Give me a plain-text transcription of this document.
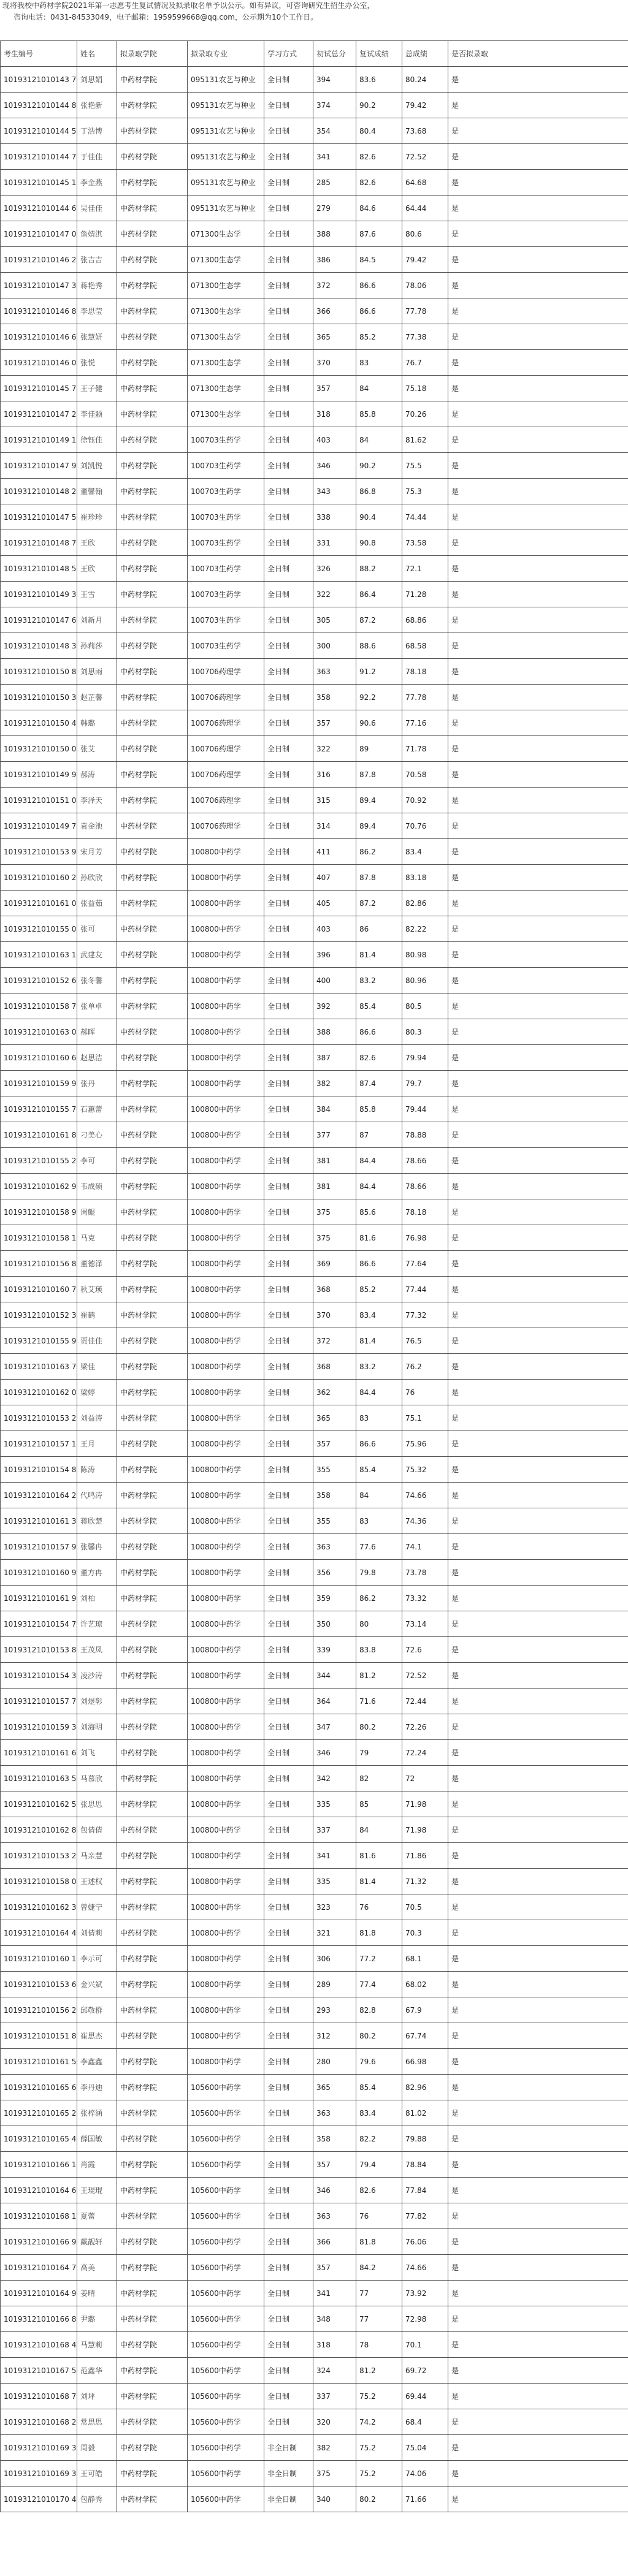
现将我校中药材学院2021年第一志愿考生复试情况及拟录取名单予以公示。如有异议，可咨询研究生招生办公室，
咨询电话：0431-84533049，电子邮箱：1959599668@qq.com，公示期为10个工作日。
考生编号	姓名	拟录取学院	拟录取专业	学习方式	初试总分	复试成绩	总成绩	是否拟录取
10193121010143 7	刘思娟	中药材学院	095131农艺与种业	全日制	394	83.6	80.24	是
10193121010144 8	张艳新	中药材学院	095131农艺与种业	全日制	374	90.2	79.42	是
10193121010144 5	丁浩博	中药材学院	095131农艺与种业	全日制	354	80.4	73.68	是
10193121010144 7	于佳佳	中药材学院	095131农艺与种业	全日制	341	82.6	72.52	是
10193121010145 1	李金燕	中药材学院	095131农艺与种业	全日制	285	82.6	64.68	是
10193121010144 6	吴佳佳	中药材学院	095131农艺与种业	全日制	279	84.6	64.44	是
10193121010147 0	詹婧淇	中药材学院	071300生态学	全日制	388	87.6	80.6	是
10193121010146 2	张吉吉	中药材学院	071300生态学	全日制	386	84.5	79.42	是
10193121010147 3	蒋艳秀	中药材学院	071300生态学	全日制	372	86.6	78.06	是
10193121010146 8	李思莹	中药材学院	071300生态学	全日制	366	86.6	77.78	是
10193121010146 6	张慧妍	中药材学院	071300生态学	全日制	365	85.2	77.38	是
10193121010146 0	张悦	中药材学院	071300生态学	全日制	370	83	76.7	是
10193121010145 7	王子健	中药材学院	071300生态学	全日制	357	84	75.18	是
10193121010147 2	李佳颖	中药材学院	071300生态学	全日制	318	85.8	70.26	是
10193121010149 1	徐钰佳	中药材学院	100703生药学	全日制	403	84	81.62	是
10193121010147 9	刘凯悦	中药材学院	100703生药学	全日制	346	90.2	75.5	是
10193121010148 2	董馨翰	中药材学院	100703生药学	全日制	343	86.8	75.3	是
10193121010147 5	崔珍珍	中药材学院	100703生药学	全日制	338	90.4	74.44	是
10193121010148 7	王欣	中药材学院	100703生药学	全日制	331	90.8	73.58	是
10193121010148 5	王欣	中药材学院	100703生药学	全日制	326	88.2	72.1	是
10193121010149 3	王雪	中药材学院	100703生药学	全日制	322	86.4	71.28	是
10193121010147 6	刘新月	中药材学院	100703生药学	全日制	305	87.2	68.86	是
10193121010148 3	孙莉莎	中药材学院	100703生药学	全日制	300	88.6	68.58	是
10193121010150 8	刘思雨	中药材学院	100706药理学	全日制	363	91.2	78.18	是
10193121010150 3	赵芷馨	中药材学院	100706药理学	全日制	358	92.2	77.78	是
10193121010150 4	韩璐	中药材学院	100706药理学	全日制	357	90.6	77.16	是
10193121010150 0	张艾	中药材学院	100706药理学	全日制	322	89	71.78	是
10193121010149 9	郝涛	中药材学院	100706药理学	全日制	316	87.8	70.58	是
10193121010151 0	李泽天	中药材学院	100706药理学	全日制	315	89.4	70.92	是
10193121010149 7	袁金池	中药材学院	100706药理学	全日制	314	89.4	70.76	是
10193121010153 9	宋月芳	中药材学院	100800中药学	全日制	411	86.2	83.4	是
10193121010160 2	孙欣欣	中药材学院	100800中药学	全日制	407	87.8	83.18	是
10193121010161 0	张益茹	中药材学院	100800中药学	全日制	405	87.2	82.86	是
10193121010155 0	张可	中药材学院	100800中药学	全日制	403	86	82.22	是
10193121010163 1	武建友	中药材学院	100800中药学	全日制	396	81.4	80.98	是
10193121010152 6	张冬馨	中药材学院	100800中药学	全日制	400	83.2	80.96	是
10193121010158 7	张单卓	中药材学院	100800中药学	全日制	392	85.4	80.5	是
10193121010163 0	郝晖	中药材学院	100800中药学	全日制	388	86.6	80.3	是
10193121010160 6	赵思洁	中药材学院	100800中药学	全日制	387	82.6	79.94	是
10193121010159 9	张丹	中药材学院	100800中药学	全日制	382	87.4	79.7	是
10193121010155 7	石蕙蕾	中药材学院	100800中药学	全日制	384	85.8	79.44	是
10193121010161 8	刁美心	中药材学院	100800中药学	全日制	377	87	78.88	是
10193121010155 2	李可	中药材学院	100800中药学	全日制	381	84.4	78.66	是
10193121010162 9	韦成硕	中药材学院	100800中药学	全日制	381	84.4	78.66	是
10193121010158 9	周鲲	中药材学院	100800中药学	全日制	375	85.6	78.18	是
10193121010158 1	马克	中药材学院	100800中药学	全日制	375	81.6	76.98	是
10193121010156 8	董德泽	中药材学院	100800中药学	全日制	369	86.6	77.64	是
10193121010160 7	秋艾瑛	中药材学院	100800中药学	全日制	368	85.2	77.44	是
10193121010152 3	崔鹤	中药材学院	100800中药学	全日制	370	83.4	77.32	是
10193121010155 9	贾佳佳	中药材学院	100800中药学	全日制	372	81.4	76.5	是
10193121010163 7	梁佳	中药材学院	100800中药学	全日制	368	83.2	76.2	是
10193121010162 0	梁婷	中药材学院	100800中药学	全日制	362	84.4	76	是
10193121010153 2	刘益涛	中药材学院	100800中药学	全日制	365	83	75.1	是
10193121010157 1	王月	中药材学院	100800中药学	全日制	357	86.6	75.96	是
10193121010154 8	陈涛	中药材学院	100800中药学	全日制	355	85.4	75.32	是
10193121010164 2	代鸣涛	中药材学院	100800中药学	全日制	358	84	74.66	是
10193121010161 3	蒋欣楚	中药材学院	100800中药学	全日制	355	83	74.36	是
10193121010157 9	张馨冉	中药材学院	100800中药学	全日制	363	77.6	74.1	是
10193121010160 9	董方冉	中药材学院	100800中药学	全日制	356	79.8	73.78	是
10193121010161 9	刘柏	中药材学院	100800中药学	全日制	359	86.2	73.32	是
10193121010154 7	许艺琼	中药材学院	100800中药学	全日制	350	80	73.14	是
10193121010153 8	王茂凤	中药材学院	100800中药学	全日制	339	83.8	72.6	是
10193121010154 3	凌沙涛	中药材学院	100800中药学	全日制	344	81.2	72.52	是
10193121010157 7	刘煜彰	中药材学院	100800中药学	全日制	364	71.6	72.44	是
10193121010159 3	刘海明	中药材学院	100800中药学	全日制	347	80.2	72.26	是
10193121010161 6	刘飞	中药材学院	100800中药学	全日制	346	79	72.24	是
10193121010163 5	马慕欣	中药材学院	100800中药学	全日制	342	82	72	是
10193121010162 5	张思思	中药材学院	100800中药学	全日制	335	85	71.98	是
10193121010162 8	包倩倩	中药材学院	100800中药学	全日制	337	84	71.98	是
10193121010153 2	马亲慧	中药材学院	100800中药学	全日制	341	81.6	71.86	是
10193121010158 0	王述权	中药材学院	100800中药学	全日制	335	81.4	71.32	是
10193121010162 3	曾婕宁	中药材学院	100800中药学	全日制	323	76	70.5	是
10193121010164 4	刘倩莉	中药材学院	100800中药学	全日制	321	81.8	70.3	是
10193121010160 1	李示可	中药材学院	100800中药学	全日制	306	77.2	68.1	是
10193121010153 6	金兴斌	中药材学院	100800中药学	全日制	289	77.4	68.02	是
10193121010156 2	邱敬群	中药材学院	100800中药学	全日制	293	82.8	67.9	是
10193121010151 8	崔思杰	中药材学院	100800中药学	全日制	312	80.2	67.74	是
10193121010161 5	李鑫鑫	中药材学院	100800中药学	全日制	280	79.6	66.98	是
10193121010165 6	李丹迪	中药材学院	105600中药学	全日制	365	85.4	82.96	是
10193121010165 2	张梓涵	中药材学院	105600中药学	全日制	363	83.4	81.02	是
10193121010165 4	薛国敏	中药材学院	105600中药学	全日制	358	82.2	79.88	是
10193121010166 1	肖霞	中药材学院	105600中药学	全日制	357	79.4	78.84	是
10193121010164 6	王琨琨	中药材学院	105600中药学	全日制	346	82.6	77.84	是
10193121010168 1	夏蕾	中药材学院	105600中药学	全日制	363	76	77.82	是
10193121010166 9	戴靓轩	中药材学院	105600中药学	全日制	366	81.8	76.06	是
10193121010164 7	高美	中药材学院	105600中药学	全日制	357	84.2	74.66	是
10193121010164 9	姜晴	中药材学院	105600中药学	全日制	341	77	73.92	是
10193121010166 8	尹璐	中药材学院	105600中药学	全日制	348	77	72.98	是
10193121010168 4	马慧莉	中药材学院	105600中药学	全日制	318	78	70.1	是
10193121010167 5	范鑫华	中药材学院	105600中药学	全日制	324	81.2	69.72	是
10193121010168 7	刘坪	中药材学院	105600中药学	全日制	337	75.2	69.44	是
10193121010168 2	常思思	中药材学院	105600中药学	全日制	320	74.2	68.4	是
10193121010169 3	周毅	中药材学院	105600中药学	非全日制	382	75.2	75.04	是
10193121010169 3	王可皓	中药材学院	105600中药学	非全日制	375	75.2	74.06	是
10193121010170 4	包静秀	中药材学院	105600中药学	非全日制	340	80.2	71.66	是
